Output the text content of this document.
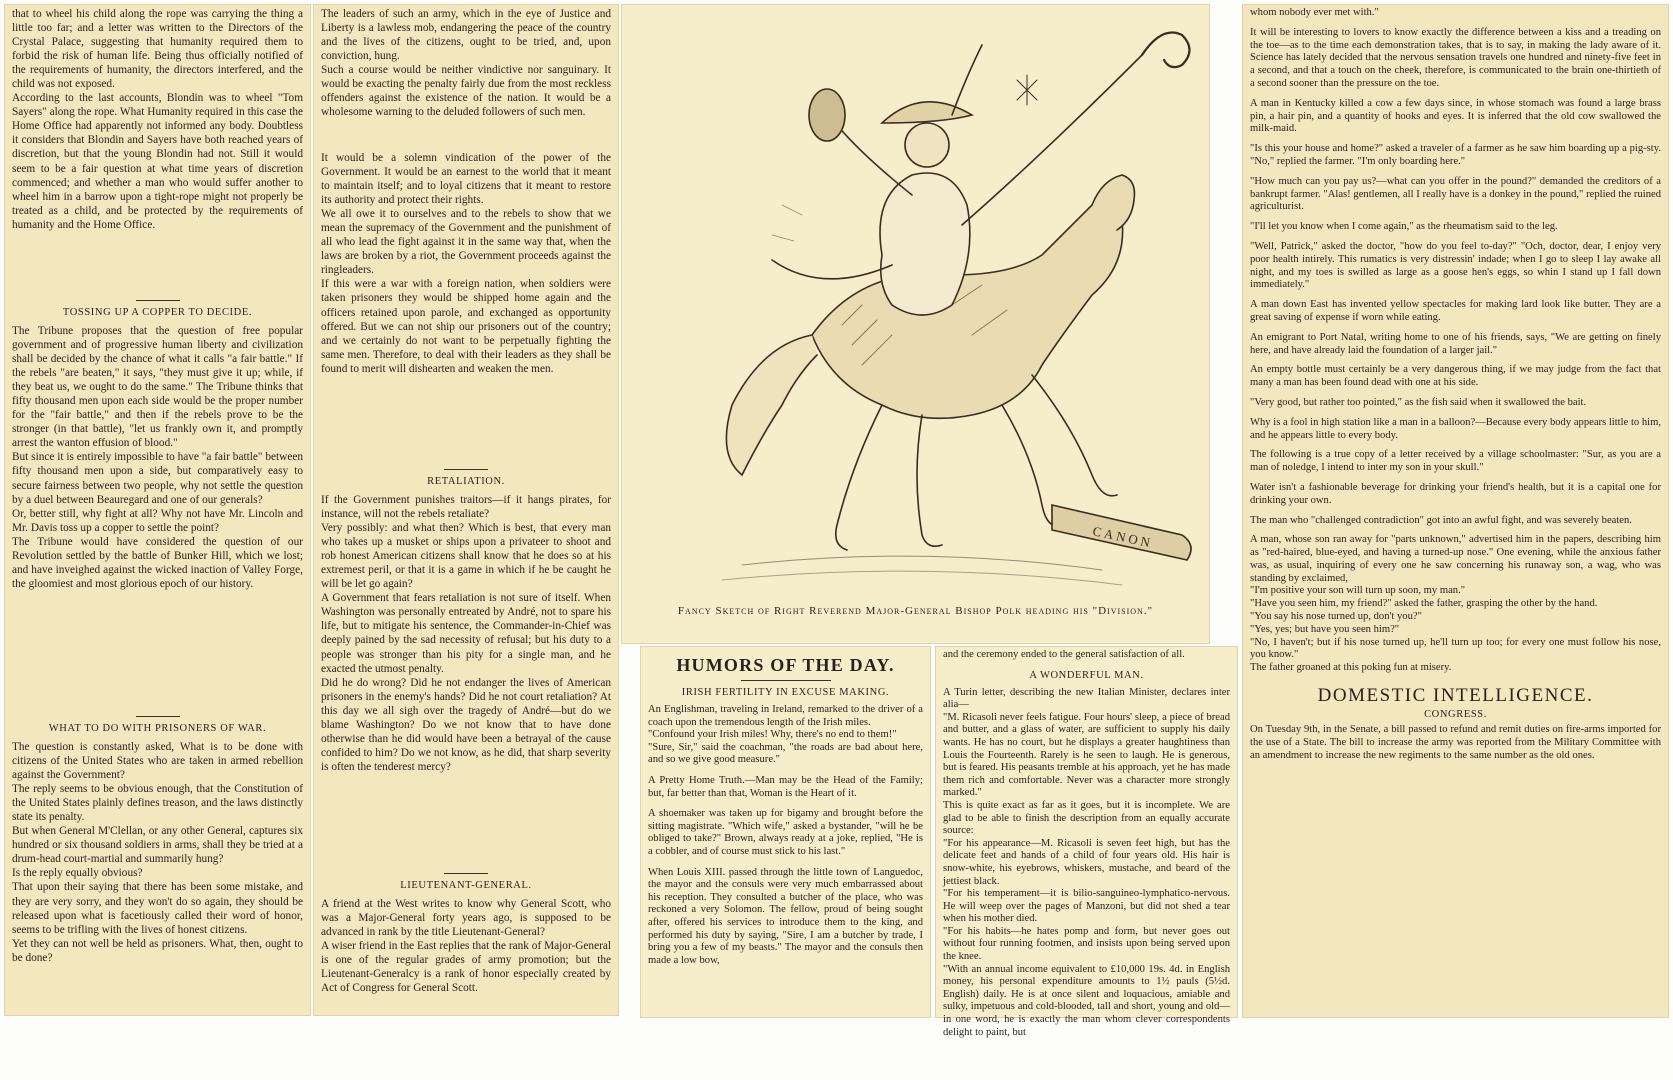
that to wheel his child along the rope was carrying the thing a little too far; and a letter was written to the Directors of the Crystal Palace, suggesting that humanity required them to forbid the risk of human life. Being thus officially notified of the requirements of humanity, the directors interfered, and the child was not exposed.
According to the last accounts, Blondin was to wheel "Tom Sayers" along the rope. What Humanity required in this case the Home Office had apparently not informed any body. Doubtless it considers that Blondin and Sayers have both reached years of discretion, but that the young Blondin had not. Still it would seem to be a fair question at what time years of discretion commenced; and whether a man who would suffer another to wheel him in a barrow upon a tight-rope might not properly be treated as a child, and be protected by the requirements of humanity and the Home Office.
TOSSING UP A COPPER TO DECIDE.
The Tribune proposes that the question of free popular government and of progressive human liberty and civilization shall be decided by the chance of what it calls "a fair battle." If the rebels "are beaten," it says, "they must give it up; while, if they beat us, we ought to do the same." The Tribune thinks that fifty thousand men upon each side would be the proper number for the "fair battle," and then if the rebels prove to be the stronger (in that battle), "let us frankly own it, and promptly arrest the wanton effusion of blood."
But since it is entirely impossible to have "a fair battle" between fifty thousand men upon a side, but comparatively easy to secure fairness between two people, why not settle the question by a duel between Beauregard and one of our generals?
Or, better still, why fight at all? Why not have Mr. Lincoln and Mr. Davis toss up a copper to settle the point?
The Tribune would have considered the question of our Revolution settled by the battle of Bunker Hill, which we lost; and have inveighed against the wicked inaction of Valley Forge, the gloomiest and most glorious epoch of our history.
WHAT TO DO WITH PRISONERS OF WAR.
The question is constantly asked, What is to be done with citizens of the United States who are taken in armed rebellion against the Government?
The reply seems to be obvious enough, that the Constitution of the United States plainly defines treason, and the laws distinctly state its penalty.
But when General M'Clellan, or any other General, captures six hundred or six thousand soldiers in arms, shall they be tried at a drum-head court-martial and summarily hung?
Is the reply equally obvious?
That upon their saying that there has been some mistake, and they are very sorry, and they won't do so again, they should be released upon what is facetiously called their word of honor, seems to be trifling with the lives of honest citizens.
Yet they can not well be held as prisoners. What, then, ought to be done?
The leaders of such an army, which in the eye of Justice and Liberty is a lawless mob, endangering the peace of the country and the lives of the citizens, ought to be tried, and, upon conviction, hung.
Such a course would be neither vindictive nor sanguinary. It would be exacting the penalty fairly due from the most reckless offenders against the existence of the nation. It would be a wholesome warning to the deluded followers of such men.
It would be a solemn vindication of the power of the Government. It would be an earnest to the world that it meant to maintain itself; and to loyal citizens that it meant to restore its authority and protect their rights.
We all owe it to ourselves and to the rebels to show that we mean the supremacy of the Government and the punishment of all who lead the fight against it in the same way that, when the laws are broken by a riot, the Government proceeds against the ringleaders.
If this were a war with a foreign nation, when soldiers were taken prisoners they would be shipped home again and the officers retained upon parole, and exchanged as opportunity offered. But we can not ship our prisoners out of the country; and we certainly do not want to be perpetually fighting the same men. Therefore, to deal with their leaders as they shall be found to merit will dishearten and weaken the men.
RETALIATION.
If the Government punishes traitors—if it hangs pirates, for instance, will not the rebels retaliate?
Very possibly: and what then? Which is best, that every man who takes up a musket or ships upon a privateer to shoot and rob honest American citizens shall know that he does so at his extremest peril, or that it is a game in which if he be caught he will be let go again?
A Government that fears retaliation is not sure of itself. When Washington was personally entreated by André, not to spare his life, but to mitigate his sentence, the Commander-in-Chief was deeply pained by the sad necessity of refusal; but his duty to a people was stronger than his pity for a single man, and he exacted the utmost penalty.
Did he do wrong? Did he not endanger the lives of American prisoners in the enemy's hands? Did he not court retaliation? At this day we all sigh over the tragedy of André—but do we blame Washington? Do we not know that to have done otherwise than he did would have been a betrayal of the cause confided to him? Do we not know, as he did, that sharp severity is often the tenderest mercy?
LIEUTENANT-GENERAL.
A friend at the West writes to know why General Scott, who was a Major-General forty years ago, is supposed to be advanced in rank by the title Lieutenant-General?
A wiser friend in the East replies that the rank of Major-General is one of the regular grades of army promotion; but the Lieutenant-Generalcy is a rank of honor especially created by Act of Congress for General Scott.
CANON
Fancy Sketch of Right Reverend Major-General Bishop Polk heading his "Division."
HUMORS OF THE DAY.
IRISH FERTILITY IN EXCUSE MAKING.
An Englishman, traveling in Ireland, remarked to the driver of a coach upon the tremendous length of the Irish miles.
"Confound your Irish miles! Why, there's no end to them!"
"Sure, Sir," said the coachman, "the roads are bad about here, and so we give good measure."
A Pretty Home Truth.—Man may be the Head of the Family; but, far better than that, Woman is the Heart of it.
A shoemaker was taken up for bigamy and brought before the sitting magistrate. "Which wife," asked a bystander, "will he be obliged to take?" Brown, always ready at a joke, replied, "He is a cobbler, and of course must stick to his last."
When Louis XIII. passed through the little town of Languedoc, the mayor and the consuls were very much embarrassed about his reception. They consulted a butcher of the place, who was reckoned a very Solomon. The fellow, proud of being sought after, offered his services to introduce them to the king, and performed his duty by saying, "Sire, I am a butcher by trade, I bring you a few of my beasts." The mayor and the consuls then made a low bow,
and the ceremony ended to the general satisfaction of all.
A WONDERFUL MAN.
A Turin letter, describing the new Italian Minister, declares inter alia—
"M. Ricasoli never feels fatigue. Four hours' sleep, a piece of bread and butter, and a glass of water, are sufficient to supply his daily wants. He has no court, but he displays a greater haughtiness than Louis the Fourteenth. Rarely is he seen to laugh. He is generous, but is feared. His peasants tremble at his approach, yet he has made them rich and comfortable. Never was a character more strongly marked."
This is quite exact as far as it goes, but it is incomplete. We are glad to be able to finish the description from an equally accurate source:
"For his appearance—M. Ricasoli is seven feet high, but has the delicate feet and hands of a child of four years old. His hair is snow-white, his eyebrows, whiskers, mustache, and beard of the jettiest black.
"For his temperament—it is bilio-sanguineo-lymphatico-nervous. He will weep over the pages of Manzoni, but did not shed a tear when his mother died.
"For his habits—he hates pomp and form, but never goes out without four running footmen, and insists upon being served upon the knee.
"With an annual income equivalent to £10,000 19s. 4d. in English money, his personal expenditure amounts to 1½ pauls (5½d. English) daily. He is at once silent and loquacious, amiable and sulky, impetuous and cold-blooded, tall and short, young and old—in one word, he is exactly the man whom clever correspondents delight to paint, but
whom nobody ever met with."
It will be interesting to lovers to know exactly the difference between a kiss and a treading on the toe—as to the time each demonstration takes, that is to say, in making the lady aware of it. Science has lately decided that the nervous sensation travels one hundred and ninety-five feet in a second, and that a touch on the cheek, therefore, is communicated to the brain one-thirtieth of a second sooner than the pressure on the toe.
A man in Kentucky killed a cow a few days since, in whose stomach was found a large brass pin, a hair pin, and a quantity of hooks and eyes. It is inferred that the old cow swallowed the milk-maid.
"Is this your house and home?" asked a traveler of a farmer as he saw him boarding up a pig-sty. "No," replied the farmer. "I'm only boarding here."
"How much can you pay us?—what can you offer in the pound?" demanded the creditors of a bankrupt farmer. "Alas! gentlemen, all I really have is a donkey in the pound," replied the ruined agriculturist.
"I'll let you know when I come again," as the rheumatism said to the leg.
"Well, Patrick," asked the doctor, "how do you feel to-day?" "Och, doctor, dear, I enjoy very poor health intirely. This rumatics is very distressin' indade; when I go to sleep I lay awake all night, and my toes is swilled as large as a goose hen's eggs, so whin I stand up I fall down immediately."
A man down East has invented yellow spectacles for making lard look like butter. They are a great saving of expense if worn while eating.
An emigrant to Port Natal, writing home to one of his friends, says, "We are getting on finely here, and have already laid the foundation of a larger jail."
An empty bottle must certainly be a very dangerous thing, if we may judge from the fact that many a man has been found dead with one at his side.
"Very good, but rather too pointed," as the fish said when it swallowed the bait.
Why is a fool in high station like a man in a balloon?—Because every body appears little to him, and he appears little to every body.
The following is a true copy of a letter received by a village schoolmaster: "Sur, as you are a man of noledge, I intend to inter my son in your skull."
Water isn't a fashionable beverage for drinking your friend's health, but it is a capital one for drinking your own.
The man who "challenged contradiction" got into an awful fight, and was severely beaten.
A man, whose son ran away for "parts unknown," advertised him in the papers, describing him as "red-haired, blue-eyed, and having a turned-up nose." One evening, while the anxious father was, as usual, inquiring of every one he saw concerning his runaway son, a wag, who was standing by exclaimed,
"I'm positive your son will turn up soon, my man."
"Have you seen him, my friend?" asked the father, grasping the other by the hand.
"You say his nose turned up, don't you?"
"Yes, yes; but have you seen him?"
"No, I haven't; but if his nose turned up, he'll turn up too; for every one must follow his nose, you know."
The father groaned at this poking fun at misery.
DOMESTIC INTELLIGENCE.
CONGRESS.
On Tuesday 9th, in the Senate, a bill passed to refund and remit duties on fire-arms imported for the use of a State. The bill to increase the army was reported from the Military Committee with an amendment to increase the new regiments to the same number as the old ones.
